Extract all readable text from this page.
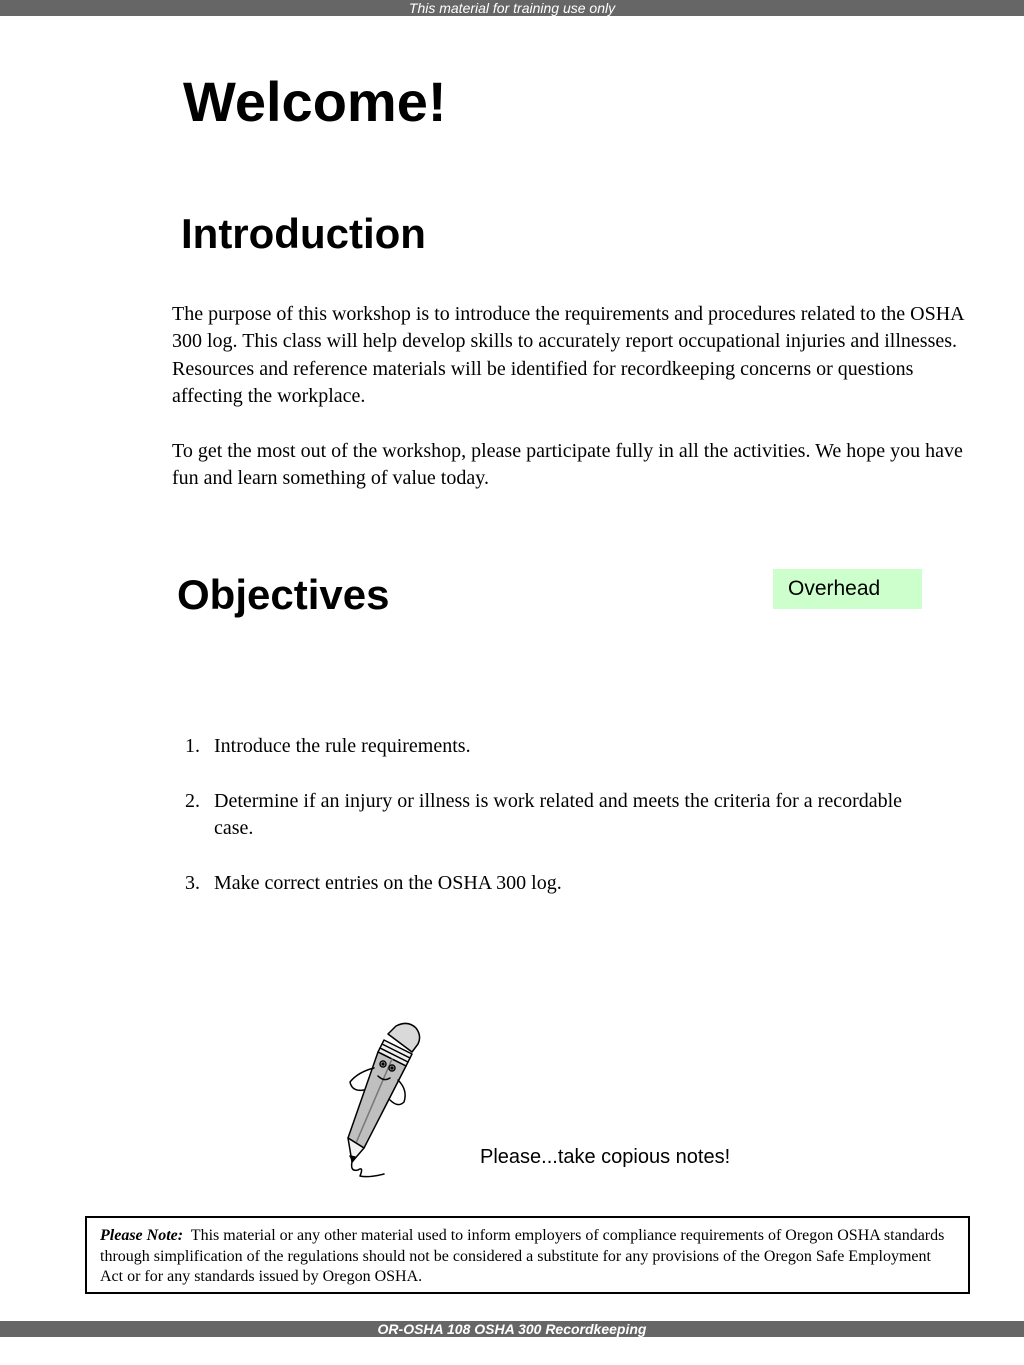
This material for training use only
Welcome!
Introduction

The purpose of this workshop is to introduce the requirements and procedures related to the OSHA 300 log. This class will help develop skills to accurately report occupational injuries and illnesses. Resources and reference materials will be identified for recordkeeping concerns or questions affecting the workplace.

To get the most out of the workshop, please participate fully in all the activities. We hope you have fun and learn something of value today.

Objectives	Overhead
1. Introduce the rule requirements.
2. Determine if an injury or illness is work related and meets the criteria for a recordable case.
3. Make correct entries on the OSHA 300 log.
Please...take copious notes!
Please Note: This material or any other material used to inform employers of compliance requirements of Oregon OSHA standards through simplification of the regulations should not be considered a substitute for any provisions of the Oregon Safe Employment Act or for any standards issued by Oregon OSHA.
OR-OSHA 108 OSHA 300 Recordkeeping
